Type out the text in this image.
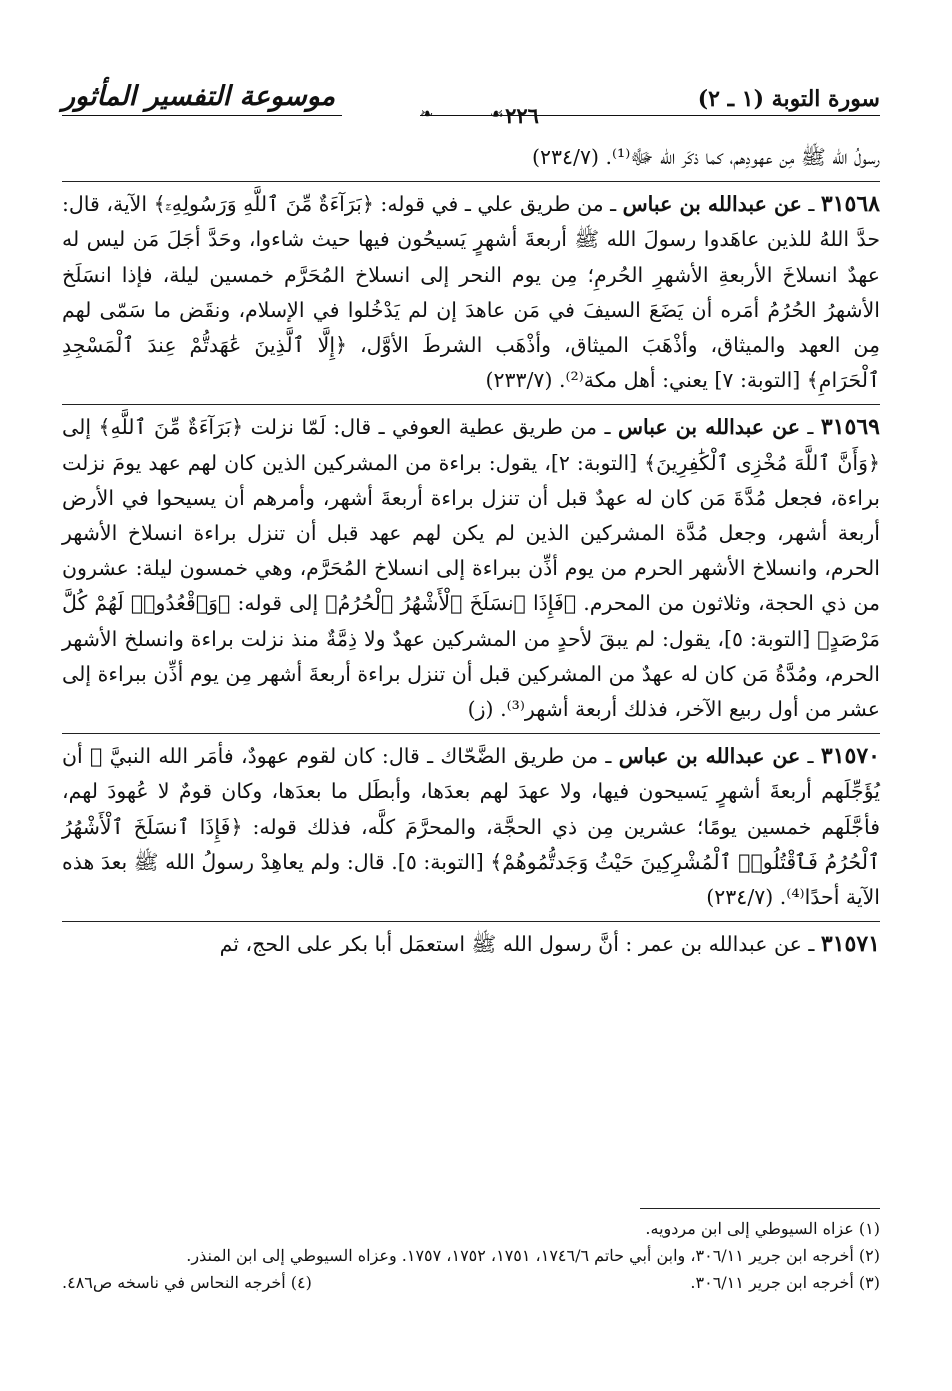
موسوعة التفسير المأثور	سورة التوبة (١ ـ ٢)
❧	٢٢٦
☙

رسولُ الله ﷺ مِن عهودِهم، كما ذكَر الله ﷻ⁽¹⁾. (٢٣٤/٧)

٣١٥٦٨ ـ عن عبدالله بن عباس ـ من طريق علي ـ في قوله: ﴿بَرَآءَةٌ مِّنَ ٱللَّهِ وَرَسُولِهِۦٓ﴾ الآية، قال: حدَّ اللهُ للذين عاهَدوا رسولَ الله ﷺ أربعةَ أشهرٍ يَسيحُون فيها حيث شاءوا، وحَدَّ أجَلَ مَن ليس له عهدٌ انسلاخَ الأربعةِ الأشهرِ الحُرمِ؛ مِن يوم النحر إلى انسلاخ المُحَرَّم خمسين ليلة، فإذا انسَلَخ الأشهرُ الحُرُمُ أمَره أن يَضَعَ السيفَ في مَن عاهدَ إن لم يَدْخُلوا في الإسلام، ونقَض ما سَمّى لهم مِن العهد والميثاق، وأذْهَبَ الميثاق، وأذْهَب الشرطَ الأوَّل، ﴿إِلَّا ٱلَّذِينَ عَٰهَدتُّمْ عِندَ ٱلْمَسْجِدِ ٱلْحَرَامِ﴾ [التوبة: ٧] يعني: أهل مكة⁽²⁾. (٢٣٣/٧)

٣١٥٦٩ ـ عن عبدالله بن عباس ـ من طريق عطية العوفي ـ قال: لَمّا نزلت ﴿بَرَآءَةٌ مِّنَ ٱللَّهِ﴾ إلى ﴿وَأَنَّ ٱللَّهَ مُخْزِى ٱلْكَٰفِرِينَ﴾ [التوبة: ٢]، يقول: براءة من المشركين الذين كان لهم عهد يومَ نزلت براءة، فجعل مُدَّةَ مَن كان له عهدٌ قبل أن تنزل براءة أربعةَ أشهر، وأمرهم أن يسيحوا في الأرض أربعة أشهر، وجعل مُدَّة المشركين الذين لم يكن لهم عهد قبل أن تنزل براءة انسلاخ الأشهر الحرم، وانسلاخ الأشهر الحرم من يوم أذِّن ببراءة إلى انسلاخ المُحَرَّم، وهي خمسون ليلة: عشرون من ذي الحجة، وثلاثون من المحرم. ﴿فَإِذَا ٱنسَلَخَ ٱلْأَشْهُرُ ٱلْحُرُمُ﴾ إلى قوله: ﴿وَٱقْعُدُوا۟ لَهُمْ كُلَّ مَرْصَدٍ﴾ [التوبة: ٥]، يقول: لم يبقَ لأحدٍ من المشركين عهدٌ ولا ذِمَّةٌ منذ نزلت براءة وانسلخ الأشهر الحرم، ومُدَّةُ مَن كان له عهدٌ من المشركين قبل أن تنزل براءة أربعةَ أشهر مِن يوم أذِّن ببراءة إلى عشر من أول ربيع الآخر، فذلك أربعة أشهر⁽³⁾. (ز)

٣١٥٧٠ ـ عن عبدالله بن عباس ـ من طريق الضَّحّاك ـ قال: كان لقوم عهودٌ، فأمَر الله النبيَّ ﷺ أن يُؤَجِّلَهم أربعةَ أشهرٍ يَسيحون فيها، ولا عهدَ لهم بعدَها، وأبطَل ما بعدَها، وكان قومٌ لا عُهودَ لهم، فأجَّلَهم خمسين يومًا؛ عشرين مِن ذي الحجَّة، والمحرَّمَ كلَّه، فذلك قوله: ﴿فَإِذَا ٱنسَلَخَ ٱلْأَشْهُرُ ٱلْحُرُمُ فَٱقْتُلُوا۟ ٱلْمُشْرِكِينَ حَيْثُ وَجَدتُّمُوهُمْ﴾ [التوبة: ٥]. قال: ولم يعاهِدْ رسولُ الله ﷺ بعدَ هذه الآية أحدًا⁽⁴⁾. (٢٣٤/٧)

٣١٥٧١ ـ عن عبدالله بن عمر : أنَّ رسول الله ﷺ استعمَل أبا بكر على الحج، ثم

(١) عزاه السيوطي إلى ابن مردويه.
(٢) أخرجه ابن جرير ٣٠٦/١١، وابن أبي حاتم ١٧٤٦/٦، ١٧٥١، ١٧٥٢، ١٧٥٧. وعزاه السيوطي إلى ابن المنذر.
(٣) أخرجه ابن جرير ٣٠٦/١١.
(٤) أخرجه النحاس في ناسخه ص٤٨٦.
